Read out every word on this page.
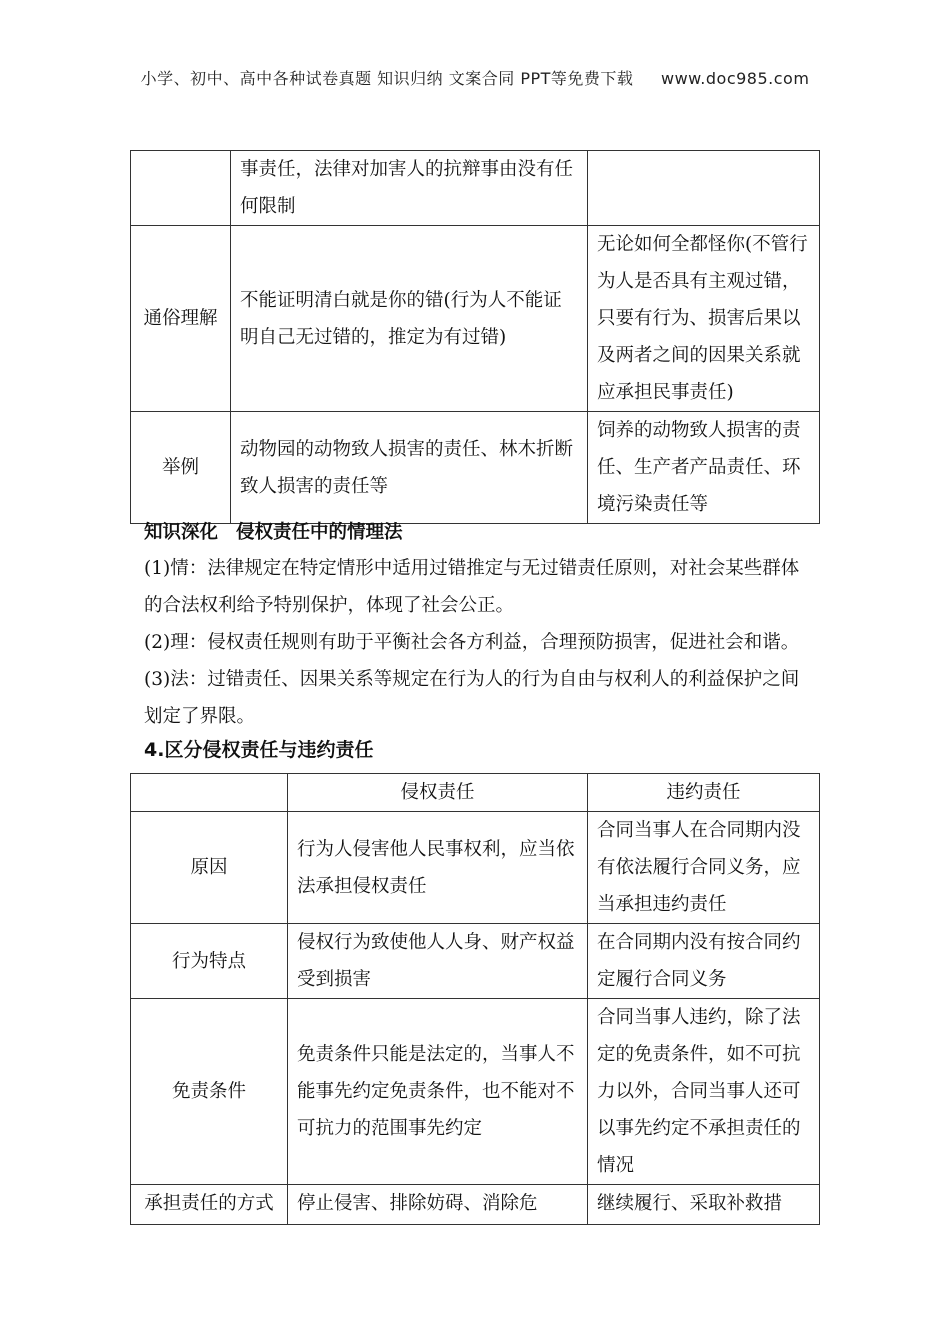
小学、初中、高中各种试卷真题 知识归纳 文案合同 PPT等免费下载 www.doc985.com
	事责任，法律对加害人的抗辩事由没有任何限制	
通俗理解	不能证明清白就是你的错(行为人不能证明自己无过错的，推定为有过错)	无论如何全都怪你(不管行为人是否具有主观过错，只要有行为、损害后果以及两者之间的因果关系就应承担民事责任)
举例	动物园的动物致人损害的责任、林木折断致人损害的责任等	饲养的动物致人损害的责任、生产者产品责任、环境污染责任等
知识深化 侵权责任中的情理法
(1)情：法律规定在特定情形中适用过错推定与无过错责任原则，对社会某些群体的合法权利给予特别保护，体现了社会公正。
(2)理：侵权责任规则有助于平衡社会各方利益，合理预防损害，促进社会和谐。
(3)法：过错责任、因果关系等规定在行为人的行为自由与权利人的利益保护之间划定了界限。
4.区分侵权责任与违约责任
	侵权责任	违约责任
原因	行为人侵害他人民事权利，应当依法承担侵权责任	合同当事人在合同期内没有依法履行合同义务，应当承担违约责任
行为特点	侵权行为致使他人人身、财产权益受到损害	在合同期内没有按合同约定履行合同义务
免责条件	免责条件只能是法定的，当事人不能事先约定免责条件，也不能对不可抗力的范围事先约定	合同当事人违约，除了法定的免责条件，如不可抗力以外，合同当事人还可以事先约定不承担责任的情况
承担责任的方式	停止侵害、排除妨碍、消除危	继续履行、采取补救措
